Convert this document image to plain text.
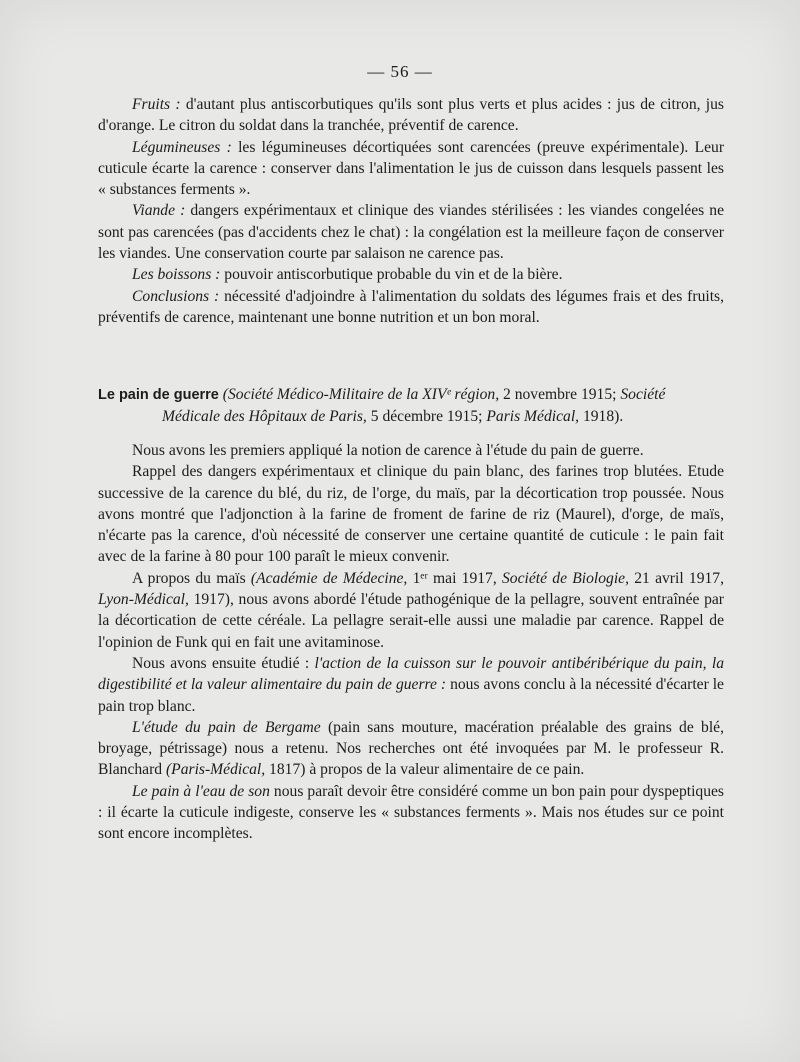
— 56 —

Fruits : d'autant plus antiscorbutiques qu'ils sont plus verts et plus acides : jus de citron, jus d'orange. Le citron du soldat dans la tranchée, préventif de carence.

Légumineuses : les légumineuses décortiquées sont carencées (preuve expérimentale). Leur cuticule écarte la carence : conserver dans l'alimentation le jus de cuisson dans lesquels passent les « substances ferments ».

Viande : dangers expérimentaux et clinique des viandes stérilisées : les viandes congelées ne sont pas carencées (pas d'accidents chez le chat) : la congélation est la meilleure façon de conserver les viandes. Une conservation courte par salaison ne carence pas.

Les boissons : pouvoir antiscorbutique probable du vin et de la bière.

Conclusions : nécessité d'adjoindre à l'alimentation du soldats des légumes frais et des fruits, préventifs de carence, maintenant une bonne nutrition et un bon moral.

Le pain de guerre (Société Médico-Militaire de la XIVᵉ région, 2 novembre 1915; Société
Médicale des Hôpitaux de Paris, 5 décembre 1915; Paris Médical, 1918).

Nous avons les premiers appliqué la notion de carence à l'étude du pain de guerre.

Rappel des dangers expérimentaux et clinique du pain blanc, des farines trop blutées. Etude successive de la carence du blé, du riz, de l'orge, du maïs, par la décortication trop poussée. Nous avons montré que l'adjonction à la farine de froment de farine de riz (Maurel), d'orge, de maïs, n'écarte pas la carence, d'où nécessité de conserver une certaine quantité de cuticule : le pain fait avec de la farine à 80 pour 100 paraît le mieux convenir.

A propos du maïs (Académie de Médecine, 1ᵉʳ mai 1917, Société de Biologie, 21 avril 1917, Lyon-Médical, 1917), nous avons abordé l'étude pathogénique de la pellagre, souvent entraînée par la décortication de cette céréale. La pellagre serait-elle aussi une maladie par carence. Rappel de l'opinion de Funk qui en fait une avitaminose.

Nous avons ensuite étudié : l'action de la cuisson sur le pouvoir antibéribérique du pain, la digestibilité et la valeur alimentaire du pain de guerre : nous avons conclu à la nécessité d'écarter le pain trop blanc.

L'étude du pain de Bergame (pain sans mouture, macération préalable des grains de blé, broyage, pétrissage) nous a retenu. Nos recherches ont été invoquées par M. le professeur R. Blanchard (Paris-Médical, 1817) à propos de la valeur alimentaire de ce pain.

Le pain à l'eau de son nous paraît devoir être considéré comme un bon pain pour dyspeptiques : il écarte la cuticule indigeste, conserve les « substances ferments ». Mais nos études sur ce point sont encore incomplètes.
